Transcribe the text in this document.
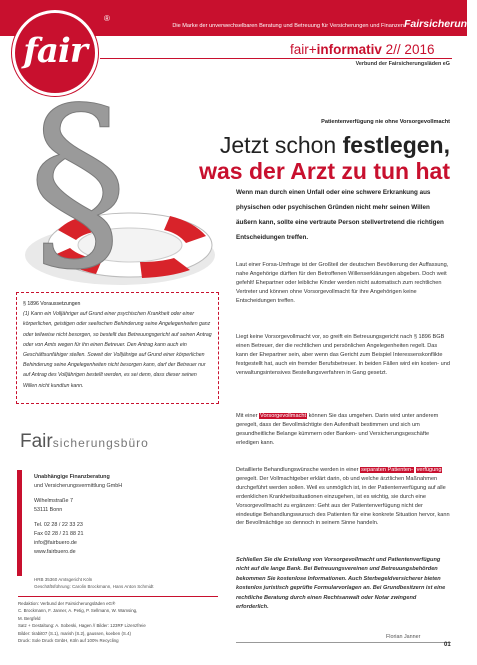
fair
®
Die Marke der unverwechselbaren Beratung und Betreuung für Versicherungen und Finanzen Fairsicherung®
fair+informativ 2// 2016
Verbund der Fairsicherungsläden eG
§	Patientenverfügung nie ohne Vorsorgevollmacht
Jetzt schon festlegen,
was der Arzt zu tun hat
Wenn man durch einen Unfall oder eine schwere Erkrankung aus physischen oder psychischen Gründen nicht mehr seinen Willen äußern kann, sollte eine vertraute Person stellvertretend die richtigen Entscheidungen treffen.
§ 1896 Voraussetzungen
(1) Kann ein Volljähriger auf Grund einer psychischen Krankheit oder einer körperlichen, geistigen oder seelischen Behinderung seine Angelegenheiten ganz oder teilweise nicht besorgen, so bestellt das Betreuungsgericht auf seinen Antrag oder von Amts wegen für ihn einen Betreuer. Den Antrag kann auch ein Geschäftsunfähiger stellen. Soweit der Volljährige auf Grund einer körperlichen Behinderung seine Angelegenheiten nicht besorgen kann, darf der Betreuer nur auf Antrag des Volljährigen bestellt werden, es sei denn, dass dieser seinen Willen nicht kundtun kann.
Laut einer Forsa-Umfrage ist der Großteil der deutschen Bevölkerung der Auffassung, nahe Angehörige dürften für den Betroffenen Willenserklärungen abgeben. Doch weit gefehlt! Ehepartner oder leibliche Kinder werden nicht automatisch zum rechtlichen Vertreter und können ohne Vorsorgevollmacht für ihre Angehörigen keine Entscheidungen treffen.
Liegt keine Vorsorgevollmacht vor, so greift ein Betreuungsgericht nach § 1896 BGB einen Betreuer, der die rechtlichen und persönlichen Angelegenheiten regelt. Das kann der Ehepartner sein, aber wenn das Gericht zum Beispiel Interessenskonflikte festgestellt hat, auch ein fremder Berufsbetreuer. In beiden Fällen wird ein kosten- und verwaltungsintensives Bestellungsverfahren in Gang gesetzt.
Mit einer Vorsorgevollmacht können Sie das umgehen. Darin wird unter anderem geregelt, dass der Bevollmächtigte den Aufenthalt bestimmen und sich um gesundheitliche Belange kümmern oder Banken- und Versicherungsgeschäfte erledigen kann.
Detaillierte Behandlungswünsche werden in einer separaten Patienten- verfügung geregelt. Der Vollmachtgeber erklärt darin, ob und welche ärztlichen Maßnahmen durchgeführt werden sollen. Weil es unmöglich ist, in der Patientenverfügung auf alle erdenklichen Krankheitssituationen einzugehen, ist es wichtig, sie durch eine Vorsorgevollmacht zu ergänzen: Geht aus der Patientenverfügung nicht der eindeutige Behandlungswunsch des Patienten für eine konkrete Situation hervor, kann der Bevollmächtige so dennoch in seinem Sinne handeln.
Schließen Sie die Erstellung von Vorsorgevollmacht und Patientenverfügung nicht auf die lange Bank. Bei Betreuungsvereinen und Betreuungsbehörden bekommen Sie kostenlose Informationen. Auch Sterbegeldversicherer bieten kostenlos juristisch geprüfte Formularvorlagen an. Bei Grundbesitzern ist eine rechtliche Beratung durch einen Rechtsanwalt oder Notar zwingend erforderlich.
Florian Janner
01
Fairsicherungsbüro
Unabhängige Finanzberatung
und Versicherungsvermittlung GmbH
Wilhelmstraße 7
53111 Bonn
Tel. 02 28 / 22 33 23
Fax 02 28 / 21 88 21
info@fairbuero.de
www.fairbuero.de
HRB 35360 Amtsgericht Köln
Geschäftsführung: Carolin Brockmann, Hans Anton Schmidt
Redaktion: Verbund der Fairsicherungsläden eG®
C. Brockmann, F. Janner, A. Petig, P. Sellmann, W. Wamsing,
M. Bergfeld
Satz + Gestaltung: A. Sobeski, Hagen // Bilder: 123RF Lizenzfreie
Bilder: tirabit07 (S.1), marish (S.2), gaussen, koeben (S.4)
Druck: Sole Druck GmbH, Köln auf 100% Recycling
